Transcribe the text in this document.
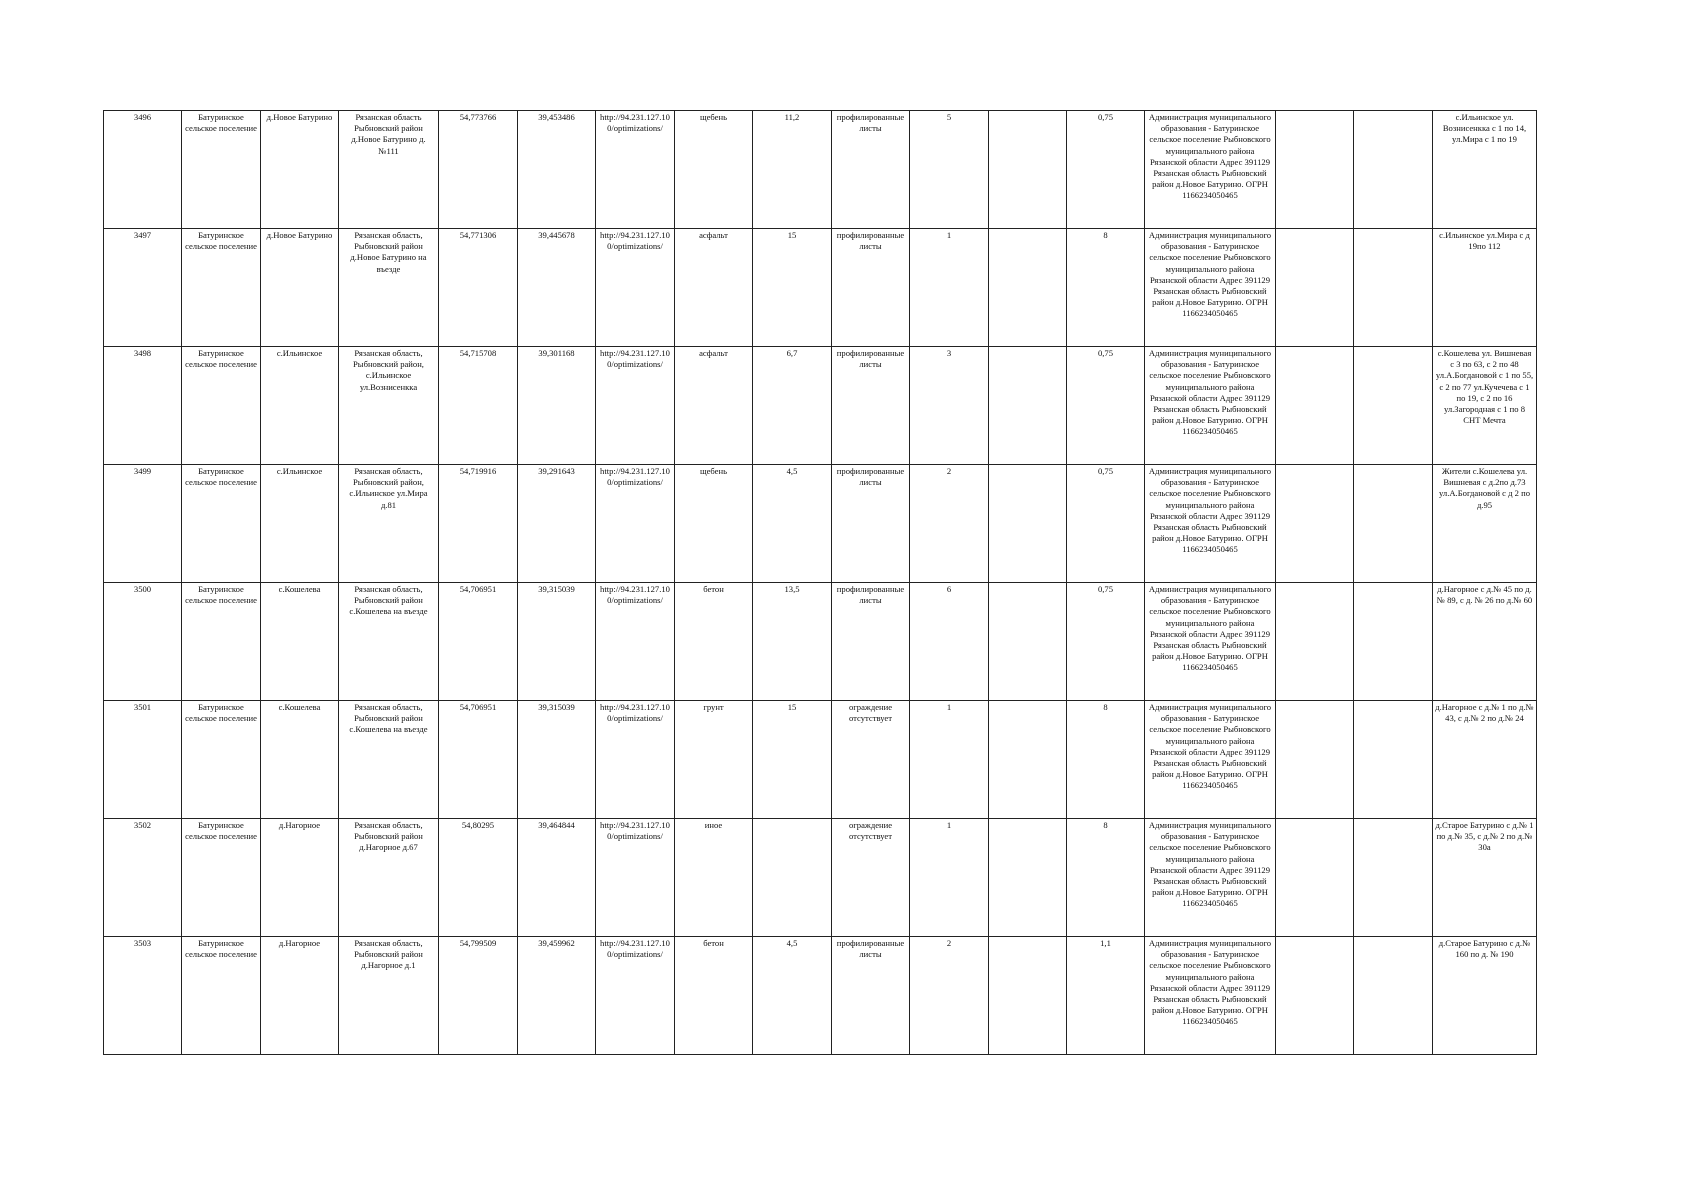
3496	Батуринское сельское поселение	д.Новое Батурино	Рязанская область Рыбновский район д.Новое Батурино д. №111	54,773766	39,453486	http://94.231.127.100/optimizations/	щебень	11,2	профилированные листы	5		0,75	Администрация муниципального образования - Батуринское сельское поселение Рыбновского муниципального района Рязанской области Адрес 391129 Рязанская область Рыбновский район д.Новое Батурино. ОГРН 1166234050465			с.Ильинское ул. Вознисенкка с 1 по 14, ул.Мира с 1 по 19
3497	Батуринское сельское поселение	д.Новое Батурино	Рязанская область, Рыбновский район д.Новое Батурино на въезде	54,771306	39,445678	http://94.231.127.100/optimizations/	асфальт	15	профилированные листы	1		8	Администрация муниципального образования - Батуринское сельское поселение Рыбновского муниципального района Рязанской области Адрес 391129 Рязанская область Рыбновский район д.Новое Батурино. ОГРН 1166234050465			с.Ильинское ул.Мира с д 19по 112
3498	Батуринское сельское поселение	с.Ильинское	Рязанская область, Рыбновский район, с.Ильинское ул.Вознисенкка	54,715708	39,301168	http://94.231.127.100/optimizations/	асфальт	6,7	профилированные листы	3		0,75	Администрация муниципального образования - Батуринское сельское поселение Рыбновского муниципального района Рязанской области Адрес 391129 Рязанская область Рыбновский район д.Новое Батурино. ОГРН 1166234050465			с.Кошелева ул. Вишневая с 3 по 63, с 2 по 48 ул.А.Богдановой с 1 по 55, с 2 по 77 ул.Кучечева с 1 по 19, с 2 по 16 ул.Загородная с 1 по 8 СНТ Мечта
3499	Батуринское сельское поселение	с.Ильинское	Рязанская область, Рыбновский район, с.Ильинское ул.Мира д.81	54,719916	39,291643	http://94.231.127.100/optimizations/	щебень	4,5	профилированные листы	2		0,75	Администрация муниципального образования - Батуринское сельское поселение Рыбновского муниципального района Рязанской области Адрес 391129 Рязанская область Рыбновский район д.Новое Батурино. ОГРН 1166234050465			Жители с.Кошелева ул. Вишневая с д.2по д.73 ул.А.Богдановой с д 2 по д.95
3500	Батуринское сельское поселение	с.Кошелева	Рязанская область, Рыбновский район с.Кошелева на въезде	54,706951	39,315039	http://94.231.127.100/optimizations/	бетон	13,5	профилированные листы	6		0,75	Администрация муниципального образования - Батуринское сельское поселение Рыбновского муниципального района Рязанской области Адрес 391129 Рязанская область Рыбновский район д.Новое Батурино. ОГРН 1166234050465			д.Нагорное с д.№ 45 по д.№ 89, с д. № 26 по д.№ 60
3501	Батуринское сельское поселение	с.Кошелева	Рязанская область, Рыбновский район с.Кошелева на въезде	54,706951	39,315039	http://94.231.127.100/optimizations/	грунт	15	ограждение отсутствует	1		8	Администрация муниципального образования - Батуринское сельское поселение Рыбновского муниципального района Рязанской области Адрес 391129 Рязанская область Рыбновский район д.Новое Батурино. ОГРН 1166234050465			д.Нагорное с д.№ 1 по д.№ 43, с д.№ 2 по д.№ 24
3502	Батуринское сельское поселение	д.Нагорное	Рязанская область, Рыбновский район д.Нагорное д.67	54,80295	39,464844	http://94.231.127.100/optimizations/	иное		ограждение отсутствует	1		8	Администрация муниципального образования - Батуринское сельское поселение Рыбновского муниципального района Рязанской области Адрес 391129 Рязанская область Рыбновский район д.Новое Батурино. ОГРН 1166234050465			д.Старое Батурино с д.№ 1 по д.№ 35, с д.№ 2 по д.№ 30а
3503	Батуринское сельское поселение	д.Нагорное	Рязанская область, Рыбновский район д.Нагорное д.1	54,799509	39,459962	http://94.231.127.100/optimizations/	бетон	4,5	профилированные листы	2		1,1	Администрация муниципального образования - Батуринское сельское поселение Рыбновского муниципального района Рязанской области Адрес 391129 Рязанская область Рыбновский район д.Новое Батурино. ОГРН 1166234050465			д.Старое Батурино с д.№ 160 по д. № 190
